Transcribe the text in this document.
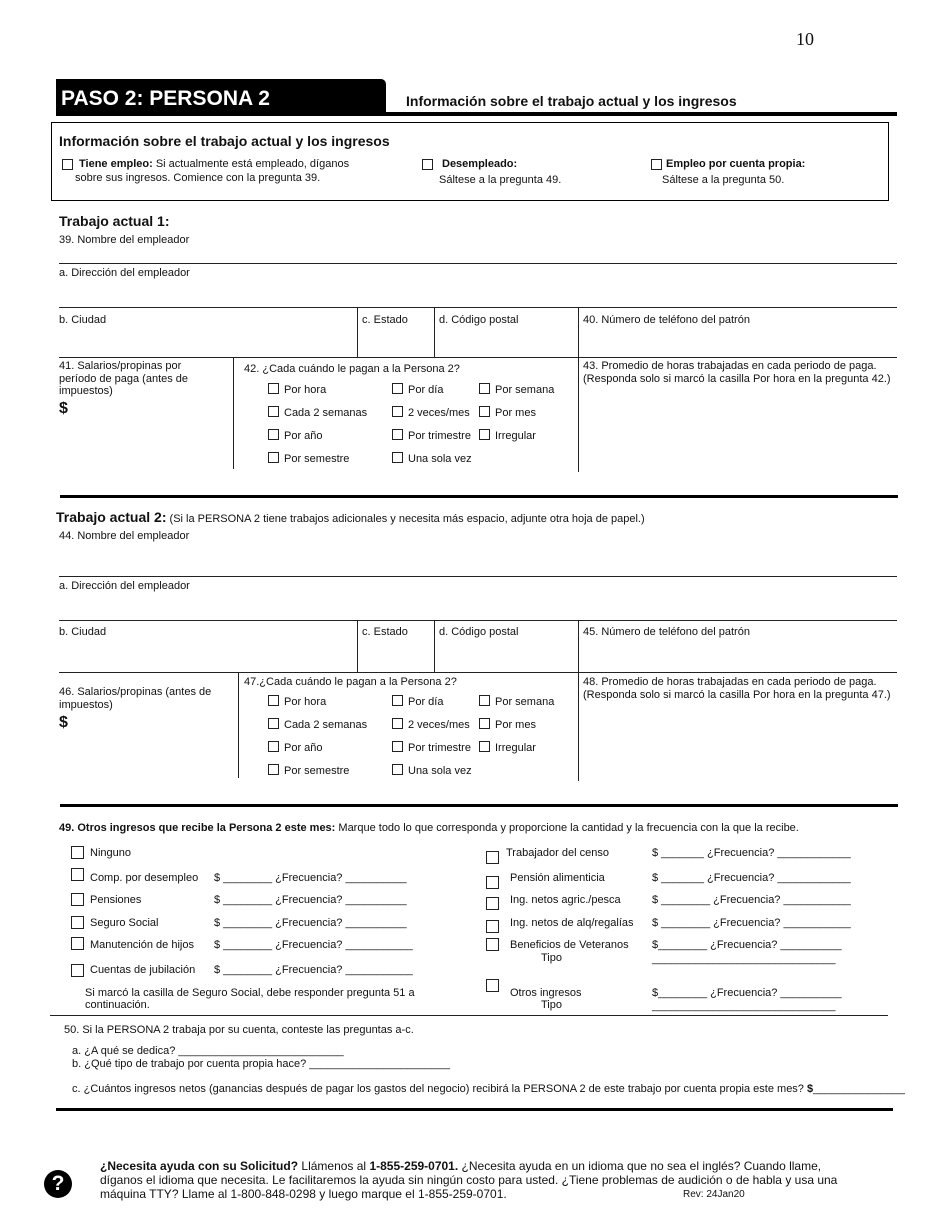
10
PASO 2: PERSONA 2	Información sobre el trabajo actual y los ingresos
Información sobre el trabajo actual y los ingresos
Tiene empleo: Si actualmente está empleado, díganos
sobre sus ingresos. Comience con la pregunta 39.
Desempleado:
Sáltese a la pregunta 49.
Empleo por cuenta propia:
Sáltese a la pregunta 50.
Trabajo actual 1:
39. Nombre del empleador
a. Dirección del empleador
b. Ciudad	c. Estado	d. Código postal	40. Número de teléfono del patrón
41. Salarios/propinas por
período de paga (antes de
impuestos)
$
42. ¿Cada cuándo le pagan a la Persona 2?	43. Promedio de horas trabajadas en cada periodo de paga.
(Responda solo si marcó la casilla Por hora en la pregunta 42.)
Por hora
Cada 2 semanas
Por año
Por semestre
Por día
2 veces/mes
Por trimestre
Una sola vez
Por semana
Por mes
Irregular
Trabajo actual 2: (Si la PERSONA 2 tiene trabajos adicionales y necesita más espacio, adjunte otra hoja de papel.)
44. Nombre del empleador
a. Dirección del empleador
b. Ciudad	c. Estado	d. Código postal	45. Número de teléfono del patrón
46. Salarios/propinas (antes de
impuestos)
$
47.¿Cada cuándo le pagan a la Persona 2?	48. Promedio de horas trabajadas en cada periodo de paga.
(Responda solo si marcó la casilla Por hora en la pregunta 47.)
Por hora
Cada 2 semanas
Por año
Por semestre
Por día
2 veces/mes
Por trimestre
Una sola vez
Por semana
Por mes
Irregular
49. Otros ingresos que recibe la Persona 2 este mes: Marque todo lo que corresponda y proporcione la cantidad y la frecuencia con la que la recibe.
Ninguno
Comp. por desempleo $ ________ ¿Frecuencia? __________
Pensiones	$ ________ ¿Frecuencia? __________
Seguro Social	$ ________ ¿Frecuencia? __________
Manutención de hijos $ ________ ¿Frecuencia? ___________
Cuentas de jubilación $ ________ ¿Frecuencia? ___________
Si marcó la casilla de Seguro Social, debe responder pregunta 51 a
continuación.
Trabajador del censo	$ _______ ¿Frecuencia? ____________
Pensión alimenticia	$ _______ ¿Frecuencia? ____________
Ing. netos agric./pesca	$ ________ ¿Frecuencia? ___________
Ing. netos de alq/regalías $ ________ ¿Frecuencia? ___________
Beneficios de Veteranos
Tipo
$________ ¿Frecuencia? __________
______________________________
Otros ingresos
Tipo
$________ ¿Frecuencia? __________
______________________________
50. Si la PERSONA 2 trabaja por su cuenta, conteste las preguntas a-c.
a. ¿A qué se dedica? ___________________________
b. ¿Qué tipo de trabajo por cuenta propia hace? _______________________
c. ¿Cuántos ingresos netos (ganancias después de pagar los gastos del negocio) recibirá la PERSONA 2 de este trabajo por cuenta propia este mes? $_______________
?
¿Necesita ayuda con su Solicitud? Llámenos al 1-855-259-0701. ¿Necesita ayuda en un idioma que no sea el inglés? Cuando llame,
díganos el idioma que necesita. Le facilitaremos la ayuda sin ningún costo para usted. ¿Tiene problemas de audición o de habla y usa una
máquina TTY? Llame al 1-800-848-0298 y luego marque el 1-855-259-0701.	Rev: 24Jan20
